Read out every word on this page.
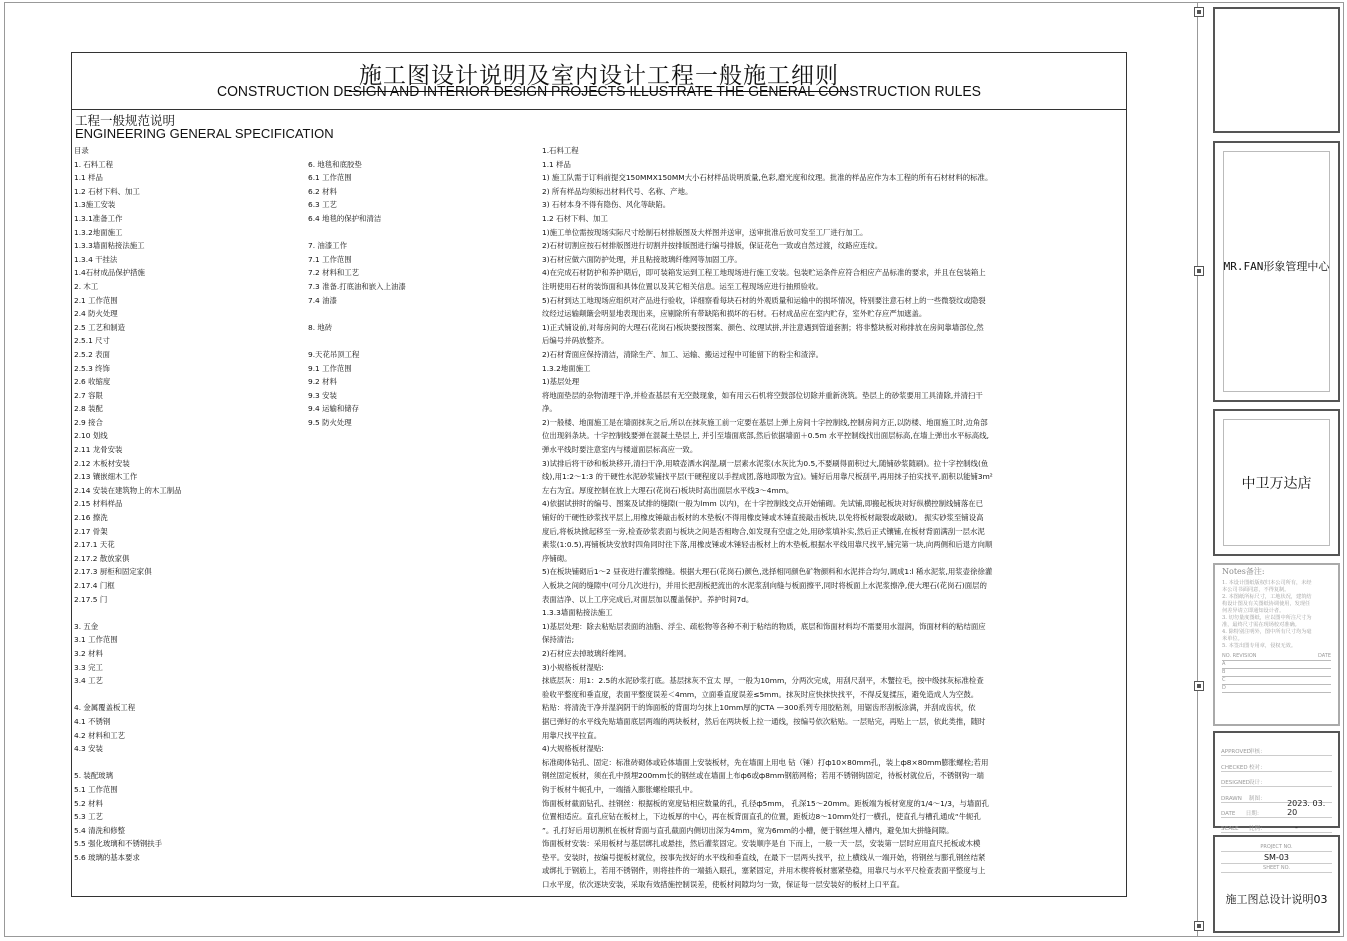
施工图设计说明及室内设计工程一般施工细则
CONSTRUCTION DESIGN AND INTERIOR DESIGN PROJECTS ILLUSTRATE THE GENERAL CONSTRUCTION RULES
工程一般规范说明
ENGINEERING GENERAL SPECIFICATION
目录
1. 石料工程
1.1 样品
1.2 石材下料、加工
1.3施工安装
1.3.1准备工作
1.3.2地面施工
1.3.3墙面粘接法施工
1.3.4 干挂法
1.4石材成品保护措施
2. 木工
2.1 工作范围
2.4 防火处理
2.5 工艺和制造
2.5.1 尺寸
2.5.2 表面
2.5.3 终饰
2.6 收缩度
2.7 容限
2.8 装配
2.9 接合
2.10 划线
2.11 龙骨安装
2.12 木板材安装
2.13 镶嵌细木工作
2.14 安装在建筑物上的木工制品
2.15 材料样品
2.16 擦洗
2.17 骨架
2.17.1 天花
2.17.2 散放家俱
2.17.3 厨柜和固定家俱
2.17.4 门框
2.17.5 门
3. 五金
3.1 工作范围
3.2 材料
3.3 完工
3.4 工艺
4. 金属覆盖板工程
4.1 不锈钢
4.2 材料和工艺
4.3 安装
5. 装配玻璃
5.1 工作范围
5.2 材料
5.3 工艺
5.4 清洗和修整
5.5 强化玻璃和不锈钢扶手
5.6 玻璃的基本要求
6. 地毯和底胶垫
6.1 工作范围
6.2 材料
6.3 工艺
6.4 地毯的保护和清洁
7. 油漆工作
7.1 工作范围
7.2 材料和工艺
7.3 准备.打底油和嵌入上油漆
7.4 油漆
8. 地砖
9.天花吊顶工程
9.1 工作范围
9.2 材料
9.3 安装
9.4 运输和储存
9.5 防火处理
1.石料工程
1.1 样品
1) 施工队需于订料前提交150MMX150MM大小石材样品说明质量,色彩,磨光度和纹理。批准的样品应作为本工程的所有石材材料的标准。
2) 所有样品均须标出材料代号、名称、产地。
3) 石材本身不得有隐伤、风化等缺陷。
1.2 石材下料、加工
1)施工单位需按现场实际尺寸绘制石材排版图及大样图并送审，送审批准后放可发至工厂进行加工。
2)石材切割应按石材排版图进行切割并按排版图进行编号排版，保证花色一致或自然过渡，纹路应连纹。
3)石材应做六面防护处理，并且粘接玻璃纤维网等加固工序。
4)在完成石材防护和养护期后，即可装箱发运到工程工地现场进行施工安装。包装贮运条件应符合相应产品标准的要求，并且在包装箱上
注明使用石材的装饰面和具体位置以及其它相关信息。运至工程现场应进行抽照验收。
5)石材到达工地现场应组织对产品进行验收，详细察看每块石材的外观质量和运输中的损坏情况，特别要注意石材上的一些微裂纹或隐裂
纹经过运输颠簸会明显地表现出来，应剔除所有带缺陷和损坏的石材。石材成品应在室内贮存，室外贮存应严加遮盖。
1)正式铺设前,对每房间的大理石(花岗石)板块要按图案、颜色、纹理试拼,并注意遇到管道套割；将非整块板对称排放在房间靠墙部位,然
后编号并码放整齐。
2)石材背面应保持清洁，清除生产、加工、运输、搬运过程中可能留下的粉尘和渣滓。
1.3.2地面施工
1)基层处理
将地面垫层的杂物清理干净,并检查基层有无空鼓现象，如有用云石机将空鼓部位切除并重新浇筑。垫层上的砂浆要用工具清除,并清扫干
净。
2)一般楼、地面施工是在墙面抹灰之后,所以在抹灰施工前一定要在基层上弹上房间十字控制线,控制房间方正,以防楼、地面施工时,边角部
位出现斜条块。十字控制线要弹在混凝土垫层上, 并引至墙面底部,然后依据墙面＋0.5m 水平控制线找出面层标高,在墙上弹出水平标高线,
弹水平线时要注意室内与楼道面层标高应一致。
3)试排后将干砂和板块移开,清扫干净,用喷壶洒水润湿,刷一层素水泥浆(水灰比为0.5,不要刷得面积过大,随铺砂浆随刷)。拉十字控制线(鱼
线),用1:2～1:3 的干硬性水泥砂浆铺找平层(干硬程度以手捏成团,落地即散为宜)。铺好后用靠尺板刮平,再用抹子拍实找平,面积以能铺3m²
左右为宜。厚度控制在放上大理石(花岗石)板块时高出面层水平线3～4mm。
4)依据试拼时的编号、图案及试排的缝隙(一般为lmm 以内)，在十字控制线交点开始铺砌。先试铺,即搬起板块对好纵横控制线铺落在已
铺好的干硬性砂浆找平层上,用橡皮锤敲击板材的木垫板(不得用橡皮锤或木锤直接敲击板块,以免将板材敲裂或敲破)。 振实砂浆至铺设高
度后,将板块掀起移至一旁,检查砂浆表面与板块之间是否相吻合,如发现有空虚之处,用砂浆填补实,然后正式镶铺,在板材背面满刮一层水泥
素浆(1:0.5),再铺板块安放时四角同时往下落,用橡皮锤或木锤轻击板材上的木垫板,根据水平线用靠尺找平,铺完第一块,向两侧和后退方向顺
序铺砌。
5)在板块铺砌后1～2 昼夜进行灌浆擦缝。根据大理石(花岗石)颜色,选择相同颜色矿物颜料和水泥拌合均匀,调成1:l 稀水泥浆,用浆壶徐徐灌
入板块之间的缝隙中(可分几次进行)，并用长把刮板把流出的水泥浆刮向缝与板面擦平,同时将板面上水泥浆擦净,使大理石(花岗石)面层的
表面洁净、以上工序完成后,对面层加以覆盖保护。养护时间7d。
1.3.3墙面粘接法施工
1)基层处理：除去粘贴层表面的油脂、浮尘、疏松物等各种不利于粘结的物质，底层和饰面材料均不需要用水湿润，饰面材料的粘结面应
保持清洁;
2)石材应去掉玻璃纤维网。
3)小规格板材湿贴:
抹底层灰：用1：2.5的水泥砂浆打底。基层抹灰不宜太 厚，一般为10mm，分两次完成，用刮尺刮平，木蟹拉毛，按中级抹灰标准检查
验收平整度和垂直度，表面平整度误差＜4mm，立面垂直度误差≤5mm。抹灰时应快抹快找平，不得反复揉压，避免造成人为空鼓。
粘贴：将清洗干净并湿润阴干的饰面板的背面均匀抹上10mm厚的JCTA —300系列专用胶粘剂，用锯齿形刮板涂满，并刮成齿状，依
据已弹好的水平线先贴墙面底层两端的两块板材，然后在两块板上拉一通线，按编号依次粘贴。一层贴完，再贴上一层，依此类推，随时
用靠尺找平拉直。
4)大规格板材湿贴:
标准砌体钻孔、固定：标准砖砌体或砼体墙面上安装板材，先在墙面上用电 钻（锤）打ф10×80mm孔，装上ф8×80mm膨胀螺栓;若用
钢丝固定板材，须在孔中预埋200mm长的钢丝或在墙面上布ф6或ф8mm钢筋网格；若用不锈钢钩固定，待板材就位后，不锈钢钩一端
钩于板材牛轭孔中，一端插入膨胀螺栓眼孔中。
饰面板材截面钻孔、挂钢丝：根据板的宽度钻相应数量的孔，孔径ф5mm， 孔深15～20mm。距板端为板材宽度的1/4～1/3，与墙面孔
位置相适应。直孔应钻在板材上，下边板厚的中心，再在板背面直孔的位置，距板边8～10mm处打一横孔，使直孔与槽孔通成“牛轭孔
”。孔打好后用切割机在板材背面与直孔截面内侧切出深为4mm，宽为6mm的小槽，便于钢丝埋入槽内，避免加大拼缝间隙。
饰面板材安装：采用板材与基层绑扎或悬挂，然后灌浆固定。安装顺序是自 下而上，一般一天一层，安装第一层时应用直尺托板或木模
垫平。安装时，按编号提板材就位，按事先找好的水平线和垂直线，在最下一层两头找平，拉上横线从一端开始，将钢丝与膨孔钢丝结紧
或绑扎于钢筋上，若用不锈钢件，则将挂件的一端插入眼孔，塞紧固定，并用木楔将板材塞紧垫稳，用靠尺与水平尺检查表面平整度与上
口水平度，依次逐块安装，采取有效措施控制误差，使板材间隙均匀一致，保证每一层安装好的板材上口平直。
MR.FAN形象管理中心
中卫万达店
Notes备注:
1. 本设计图纸版权归本公司所有，未经
本公司书面同意，不得复制。
2. 本图纸所标尺寸，工地状况，建筑结
构设计图及有关图纸协调使用，发现任
何差异请立即通知设计者。
3. 切勿量度图纸，应以图中所注尺寸为
准，最终尺寸需在现场校对准确。
4. 除特别注明外，图中所有尺寸均为毫
米单位。
5. 本签出图专用章，侵权无效。
NO. REVISION	DATE
A
B
C
D
APPROVED
审核：
CHECKED 校对：
DESIGNED 设计：
DRAWN	制图：
DATE	日期：
2023. 03. 20
SCALE	比例：	-
PROJECT NO.
SM-03
SHEET NO.
施工图总设计说明03
